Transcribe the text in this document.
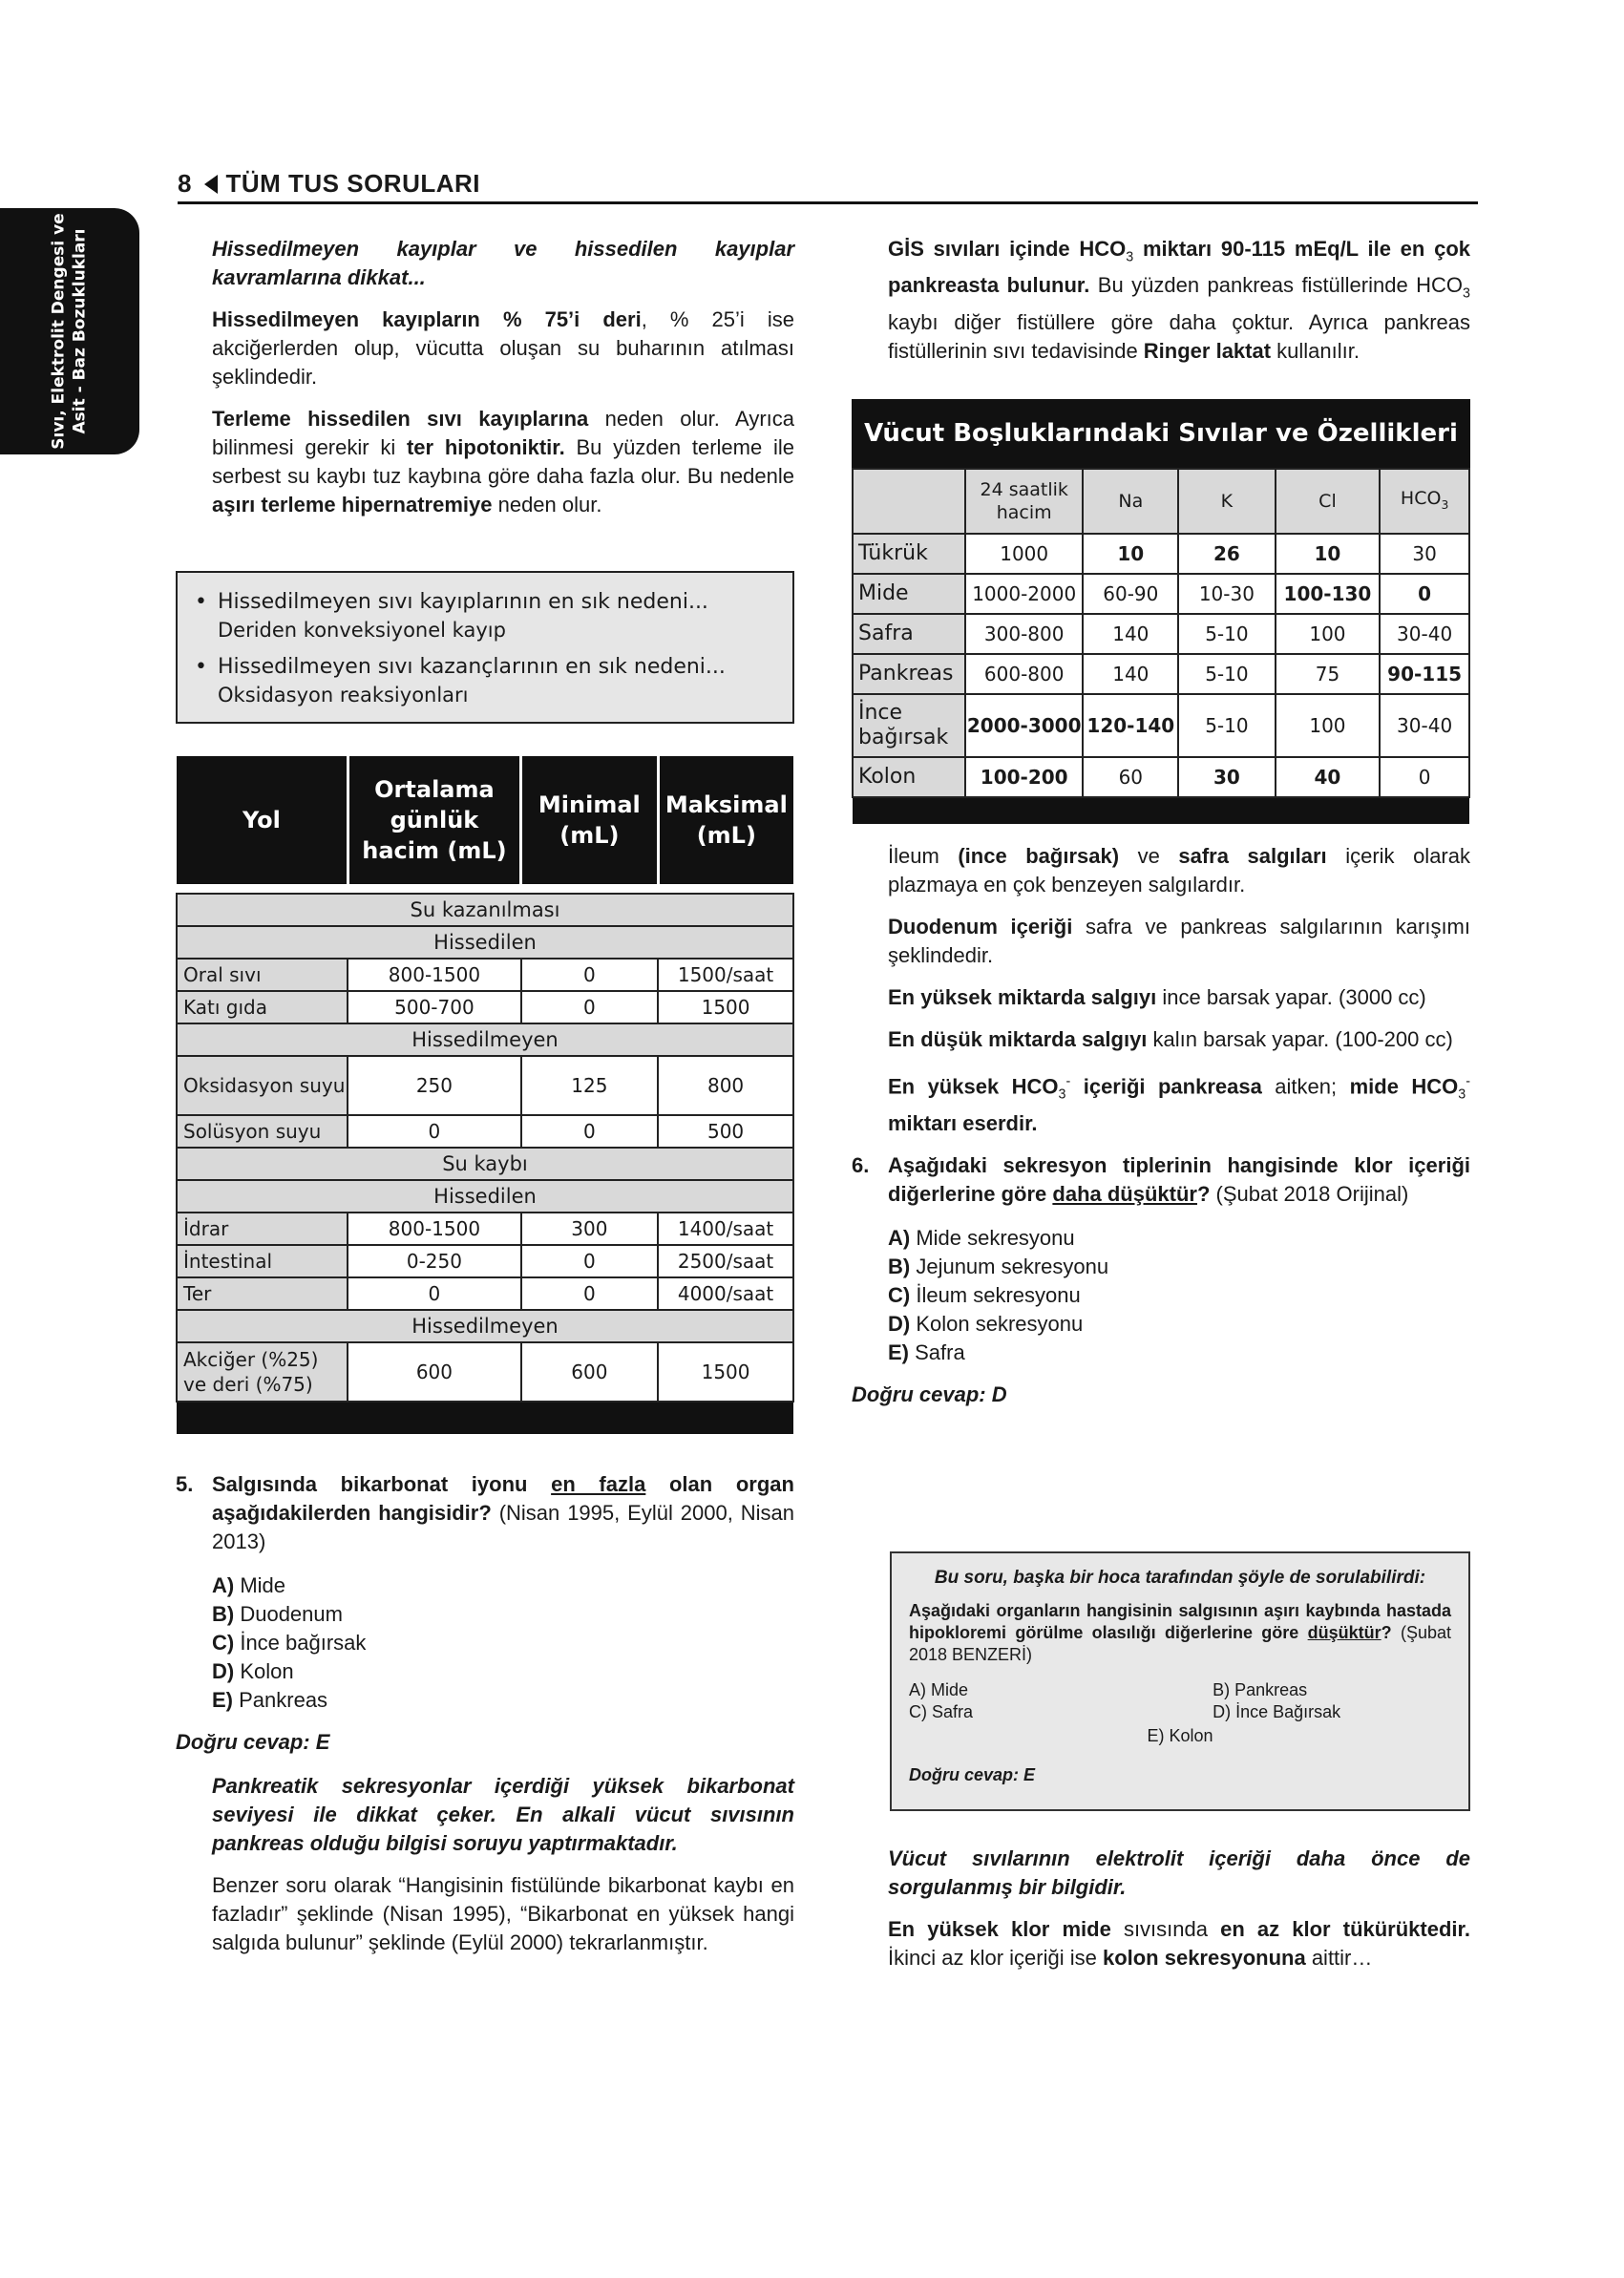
8 TÜM TUS SORULARI
Sıvı, Elektrolit Dengesi ve Asit - Baz Bozuklukları	Hissedilmeyen kayıplar ve hissedilen kayıplar kavramlarına dikkat...

Hissedilmeyen kayıpların % 75’i deri, % 25’i ise akciğerlerden olup, vücutta oluşan su buharının atılması şeklindedir.

Terleme hissedilen sıvı kayıplarına neden olur. Ayrıca bilinmesi gerekir ki ter hipotoniktir. Bu yüzden terleme ile serbest su kaybı tuz kaybına göre daha fazla olur. Bu nedenle aşırı terleme hipernatremiye neden olur.

• Hissedilmeyen sıvı kayıplarının en sık nedeni...
Deriden konveksiyonel kayıp
• Hissedilmeyen sıvı kazançlarının en sık nedeni...
Oksidasyon reaksiyonları
Yol	Ortalama günlük hacim (mL)	Minimal (mL)	Maksimal (mL)

Su kazanılması			
Hissedilen			
Oral sıvı	800-1500	0	1500/saat
Katı gıda	500-700	0	1500
Hissedilmeyen			
Oksidasyon suyu	250	125	800
Solüsyon suyu	0	0	500
Su kaybı			
Hissedilen			
İdrar	800-1500	300	1400/saat
İntestinal	0-250	0	2500/saat
Ter	0	0	4000/saat
Hissedilmeyen			
Akciğer (%25) ve deri (%75)	600	600	1500

5. Salgısında bikarbonat iyonu en fazla olan organ aşağıdakilerden hangisidir? (Nisan 1995, Eylül 2000, Nisan 2013)
A) Mide
B) Duodenum
C) İnce bağırsak
D) Kolon
E) Pankreas
Doğru cevap: E

Pankreatik sekresyonlar içerdiği yüksek bikarbonat seviyesi ile dikkat çeker. En alkali vücut sıvısının pankreas olduğu bilgisi soruyu yaptırmaktadır.

Benzer soru olarak “Hangisinin fistülünde bikarbonat kaybı en fazladır” şeklinde (Nisan 1995), “Bikarbonat en yüksek hangi salgıda bulunur” şeklinde (Eylül 2000) tekrarlanmıştır.

GİS sıvıları içinde $HCO_3$ miktarı 90-115 mEq/L ile en çok pankreasta bulunur. Bu yüzden pankreas fistüllerinde $HCO_3$ kaybı diğer fistüllere göre daha çoktur. Ayrıca pankreas fistüllerinin sıvı tedavisinde Ringer laktat kullanılır.

Vücut Boşluklarındaki Sıvılar ve Özellikleri
	24 saatlik hacim	Na	K	Cl	$HCO_3$
Tükrük	1000	10	26	10	30
Mide	1000-2000	60-90	10-30	100-130	0
Safra	300-800	140	5-10	100	30-40
Pankreas	600-800	140	5-10	75	90-115
İnce bağırsak	2000-3000	120-140	5-10	100	30-40
Kolon	100-200	60	30	40	0

İleum (ince bağırsak) ve safra salgıları içerik olarak plazmaya en çok benzeyen salgılardır.

Duodenum içeriği safra ve pankreas salgılarının karışımı şeklindedir.

En yüksek miktarda salgıyı ince barsak yapar. (3000 cc)

En düşük miktarda salgıyı kalın barsak yapar. (100-200 cc)

En yüksek $HCO_3^-$ içeriği pankreasa aitken; mide $HCO_3^-$ miktarı eserdir.

6. Aşağıdaki sekresyon tiplerinin hangisinde klor içeriği diğerlerine göre daha düşüktür? (Şubat 2018 Orijinal)
A) Mide sekresyonu
B) Jejunum sekresyonu
C) İleum sekresyonu
D) Kolon sekresyonu
E) Safra
Doğru cevap: D
Bu soru, başka bir hoca tarafından şöyle de sorulabilirdi:
Aşağıdaki organların hangisinin salgısının aşırı kaybında hastada hipokloremi görülme olasılığı diğerlerine göre düşüktür? (Şubat 2018 BENZERİ)
A) Mide	B) Pankreas
C) Safra	D) İnce Bağırsak
E) Kolon
Doğru cevap: E

Vücut sıvılarının elektrolit içeriği daha önce de sorgulanmış bir bilgidir.

En yüksek klor mide sıvısında en az klor tükürüktedir. İkinci az klor içeriği ise kolon sekresyonuna aittir…
